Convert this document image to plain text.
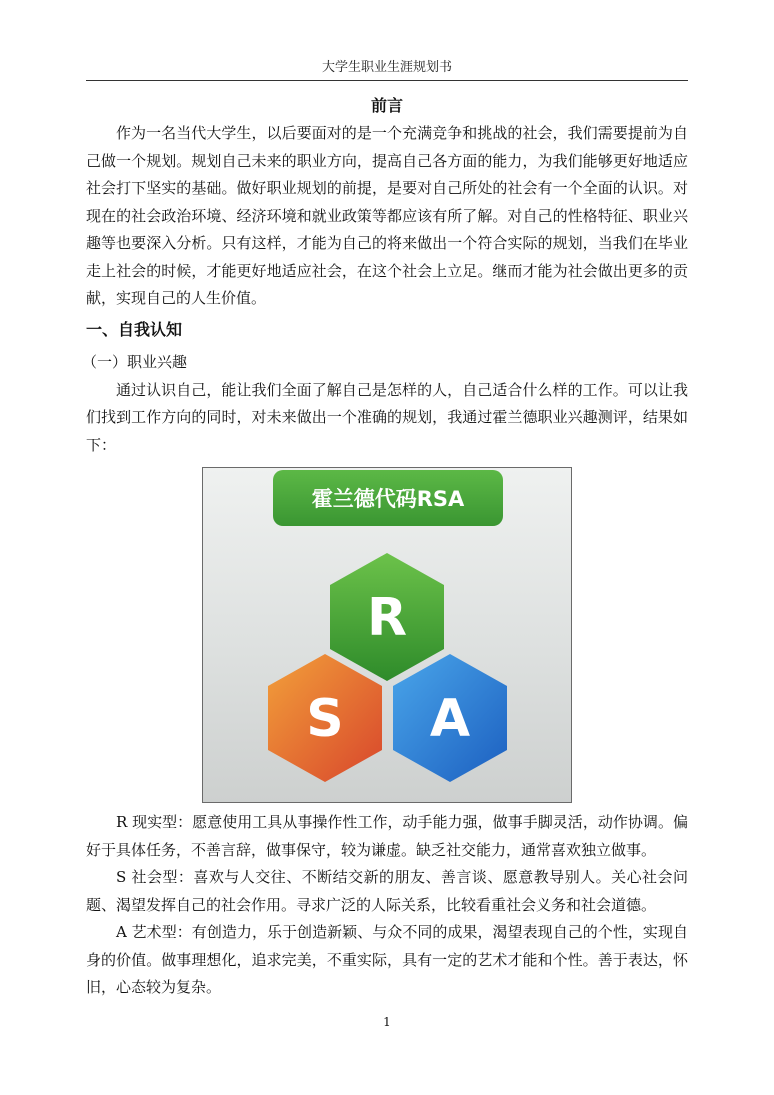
大学生职业生涯规划书
前言

作为一名当代大学生，以后要面对的是一个充满竞争和挑战的社会，我们需要提前为自己做一个规划。规划自己未来的职业方向，提高自己各方面的能力，为我们能够更好地适应社会打下坚实的基础。做好职业规划的前提，是要对自己所处的社会有一个全面的认识。对现在的社会政治环境、经济环境和就业政策等都应该有所了解。对自己的性格特征、职业兴趣等也要深入分析。只有这样，才能为自己的将来做出一个符合实际的规划，当我们在毕业走上社会的时候，才能更好地适应社会，在这个社会上立足。继而才能为社会做出更多的贡献，实现自己的人生价值。

一、自我认知
（一）职业兴趣

通过认识自己，能让我们全面了解自己是怎样的人，自己适合什么样的工作。可以让我们找到工作方向的同时，对未来做出一个准确的规划，我通过霍兰德职业兴趣测评，结果如下：

霍兰德代码RSA
R
S A

R 现实型：愿意使用工具从事操作性工作，动手能力强，做事手脚灵活，动作协调。偏好于具体任务，不善言辞，做事保守，较为谦虚。缺乏社交能力，通常喜欢独立做事。

S 社会型：喜欢与人交往、不断结交新的朋友、善言谈、愿意教导别人。关心社会问题、渴望发挥自己的社会作用。寻求广泛的人际关系，比较看重社会义务和社会道德。

A 艺术型：有创造力，乐于创造新颖、与众不同的成果，渴望表现自己的个性，实现自身的价值。做事理想化，追求完美，不重实际，具有一定的艺术才能和个性。善于表达，怀旧，心态较为复杂。

1
